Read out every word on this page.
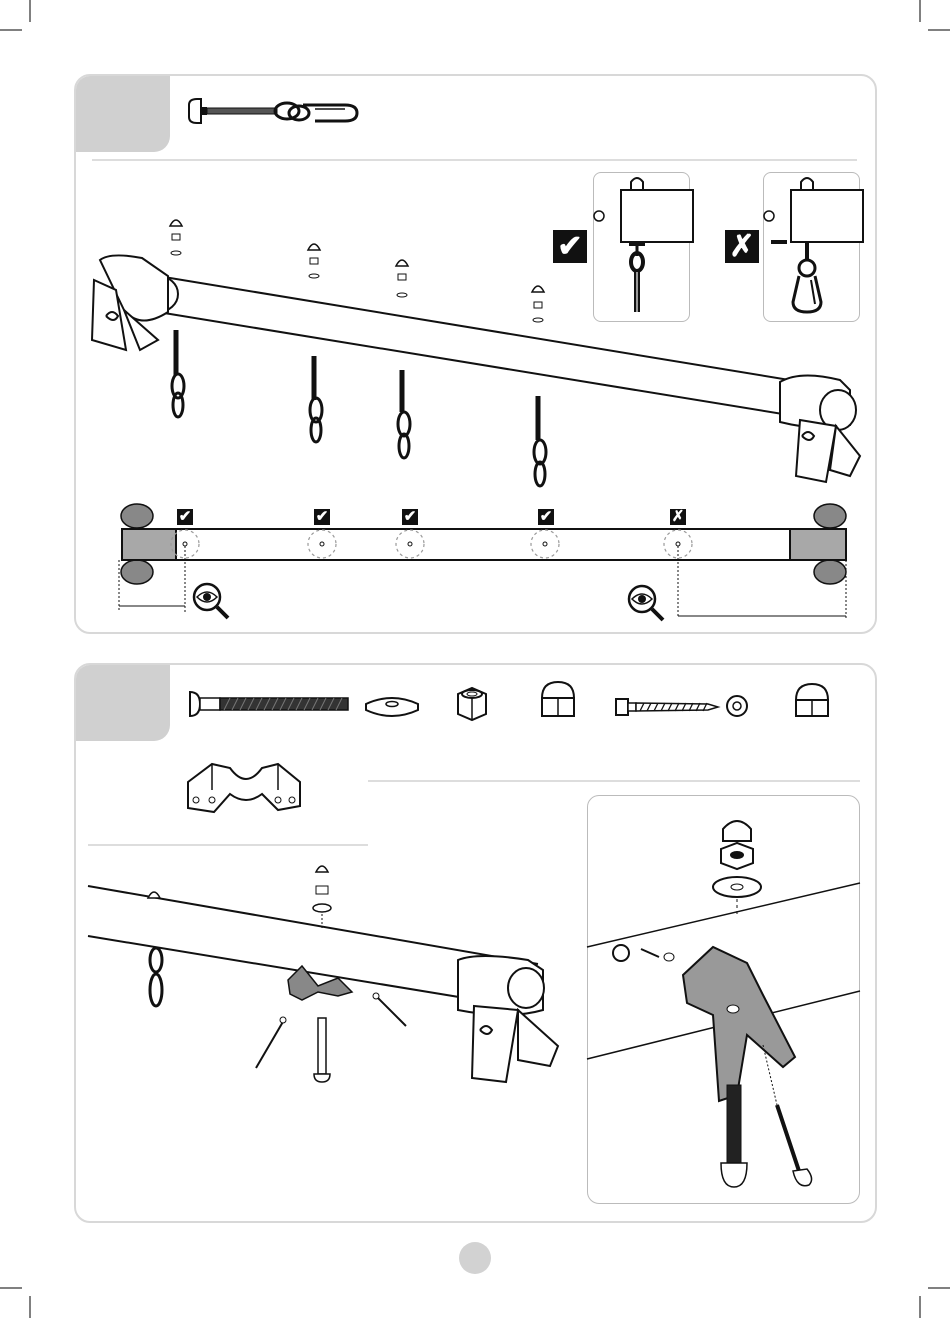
✔	✗
✔	✔	✔	✔	✗
